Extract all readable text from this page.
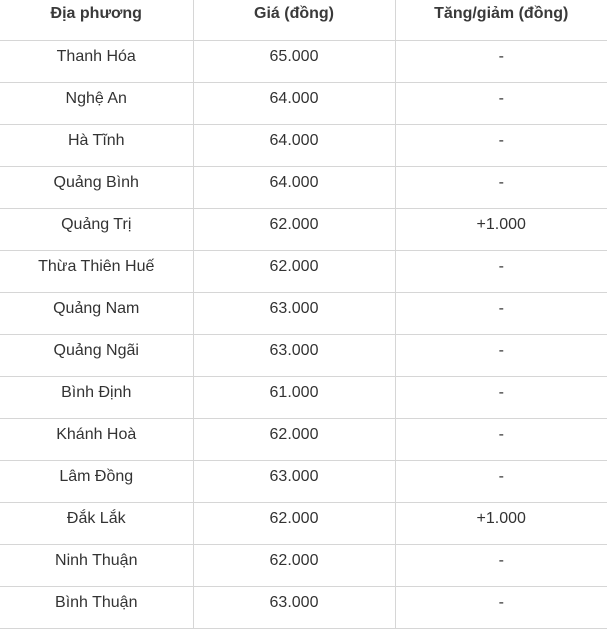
Địa phương	Giá (đồng)	Tăng/giảm (đồng)
Thanh Hóa	65.000	-
Nghệ An	64.000	-
Hà Tĩnh	64.000	-
Quảng Bình	64.000	-
Quảng Trị	62.000	+1.000
Thừa Thiên Huế	62.000	-
Quảng Nam	63.000	-
Quảng Ngãi	63.000	-
Bình Định	61.000	-
Khánh Hoà	62.000	-
Lâm Đồng	63.000	-
Đắk Lắk	62.000	+1.000
Ninh Thuận	62.000	-
Bình Thuận	63.000	-
